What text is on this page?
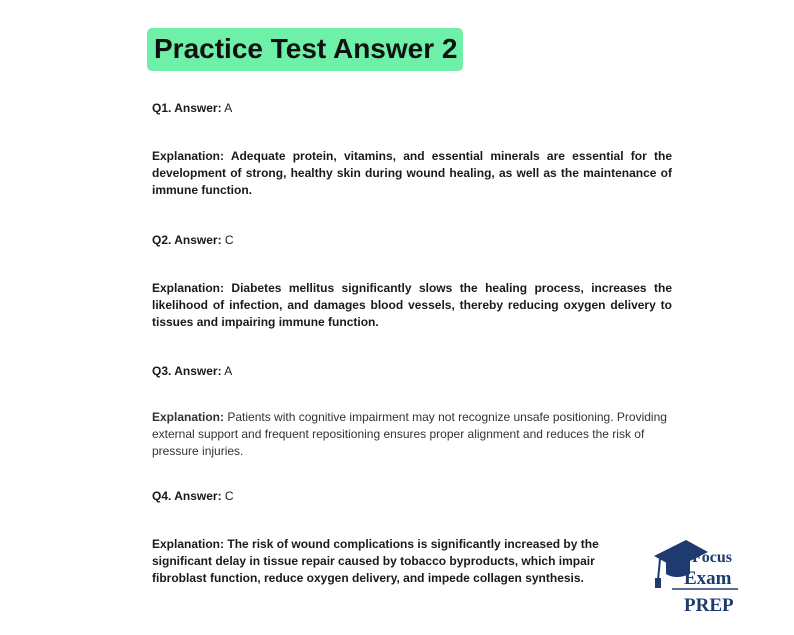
Practice Test Answer 2
Q1. Answer: A
Explanation: Adequate protein, vitamins, and essential minerals are essential for the development of strong, healthy skin during wound healing, as well as the maintenance of immune function.
Q2. Answer: C
Explanation: Diabetes mellitus significantly slows the healing process, increases the likelihood of infection, and damages blood vessels, thereby reducing oxygen delivery to tissues and impairing immune function.
Q3. Answer: A
Explanation: Patients with cognitive impairment may not recognize unsafe positioning. Providing external support and frequent repositioning ensures proper alignment and reduces the risk of pressure injuries.
Q4. Answer: C
Explanation: The risk of wound complications is significantly increased by the significant delay in tissue repair caused by tobacco byproducts, which impair fibroblast function, reduce oxygen delivery, and impede collagen synthesis.
Focus
Exam
PREP
